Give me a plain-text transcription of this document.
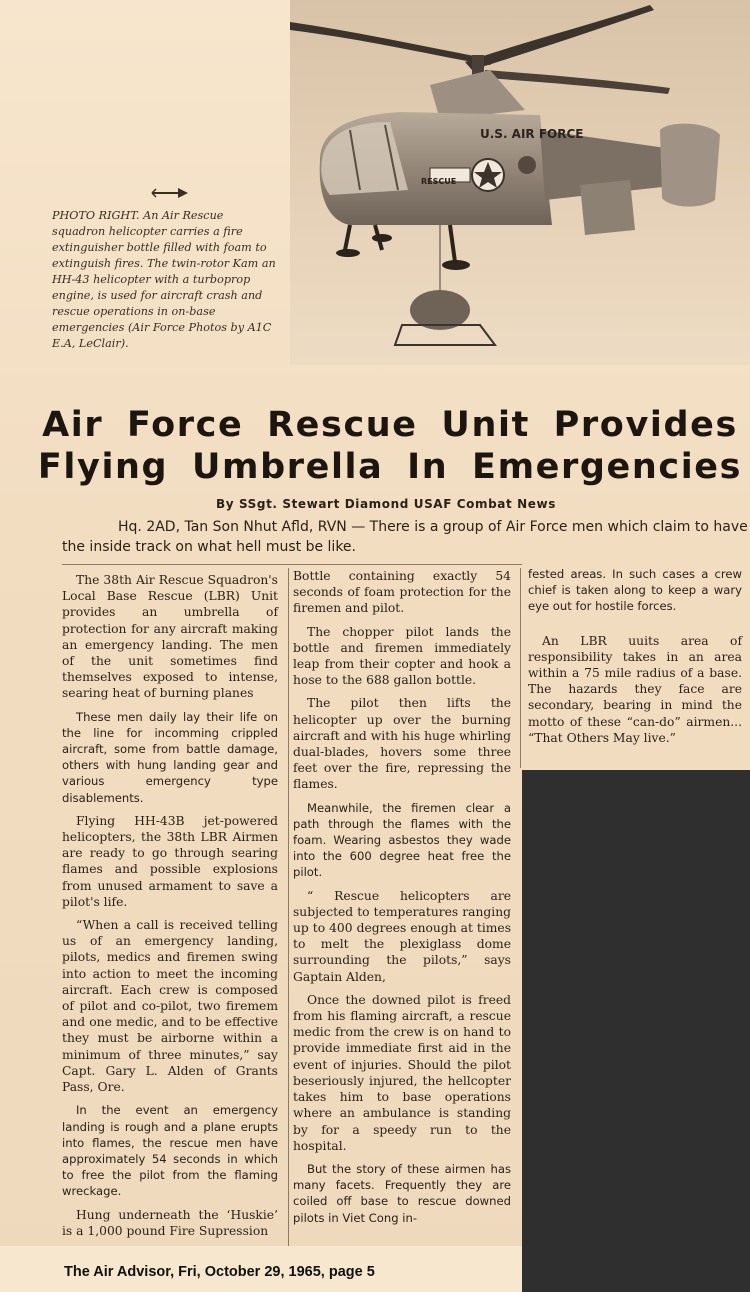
U.S. AIR FORCE
RESCUE
PHOTO RIGHT. An Air Rescue squadron helicopter carries a fire extinguisher bottle filled with foam to extinguish fires. The twin-rotor Kam an HH-43 helicopter with a turboprop engine, is used for aircraft crash and rescue operations in on-base emergencies (Air Force Photos by A1C E.A, LeClair).
Air Force Rescue Unit Provides
Flying Umbrella In Emergencies
By SSgt. Stewart Diamond USAF Combat News
Hq. 2AD, Tan Son Nhut Afld, RVN — There is a group of Air Force men which claim to have the inside track on what hell must be like.

The 38th Air Rescue Squadron's Local Base Rescue (LBR) Unit provides an umbrella of protection for any aircraft making an emergency landing. The men of the unit sometimes find themselves exposed to intense, searing heat of burning planes

These men daily lay their life on the line for incomming crippled aircraft, some from battle damage, others with hung landing gear and various emergency type disablements.

Flying HH-43B jet-powered helicopters, the 38th LBR Airmen are ready to go through searing flames and possible explosions from unused armament to save a pilot's life.

“When a call is received telling us of an emergency landing, pilots, medics and firemen swing into action to meet the incoming aircraft. Each crew is composed of pilot and co-pilot, two firemem and one medic, and to be effective they must be airborne within a minimum of three minutes,” say Capt. Gary L. Alden of Grants Pass, Ore.

In the event an emergency landing is rough and a plane erupts into flames, the rescue men have approximately 54 seconds in which to free the pilot from the flaming wreckage.

Hung underneath the ‘Huskie’ is a 1,000 pound Fire Supression

Bottle containing exactly 54 seconds of foam protection for the firemen and pilot.

The chopper pilot lands the bottle and firemen immediately leap from their copter and hook a hose to the 688 gallon bottle.

The pilot then lifts the helicopter up over the burning aircraft and with his huge whirling dual-blades, hovers some three feet over the fire, repressing the flames.

Meanwhile, the firemen clear a path through the flames with the foam. Wearing asbestos they wade into the 600 degree heat free the pilot.

“ Rescue helicopters are subjected to temperatures ranging up to 400 degrees enough at times to melt the plexiglass dome surrounding the pilots,” says Gaptain Alden,

Once the downed pilot is freed from his flaming aircraft, a rescue medic from the crew is on hand to provide immediate first aid in the event of injuries. Should the pilot beseriously injured, the hellcopter takes him to base operations where an ambulance is standing by for a speedy run to the hospital.

But the story of these airmen has many facets. Frequently they are coiled off base to rescue downed pilots in Viet Cong in-

fested areas. In such cases a crew chief is taken along to keep a wary eye out for hostile forces.

An LBR uuits area of responsibility takes in an area within a 75 mile radius of a base. The hazards they face are secondary, bearing in mind the motto of these “can-do” airmen... “That Others May live.”

The Air Advisor, Fri, October 29, 1965, page 5
